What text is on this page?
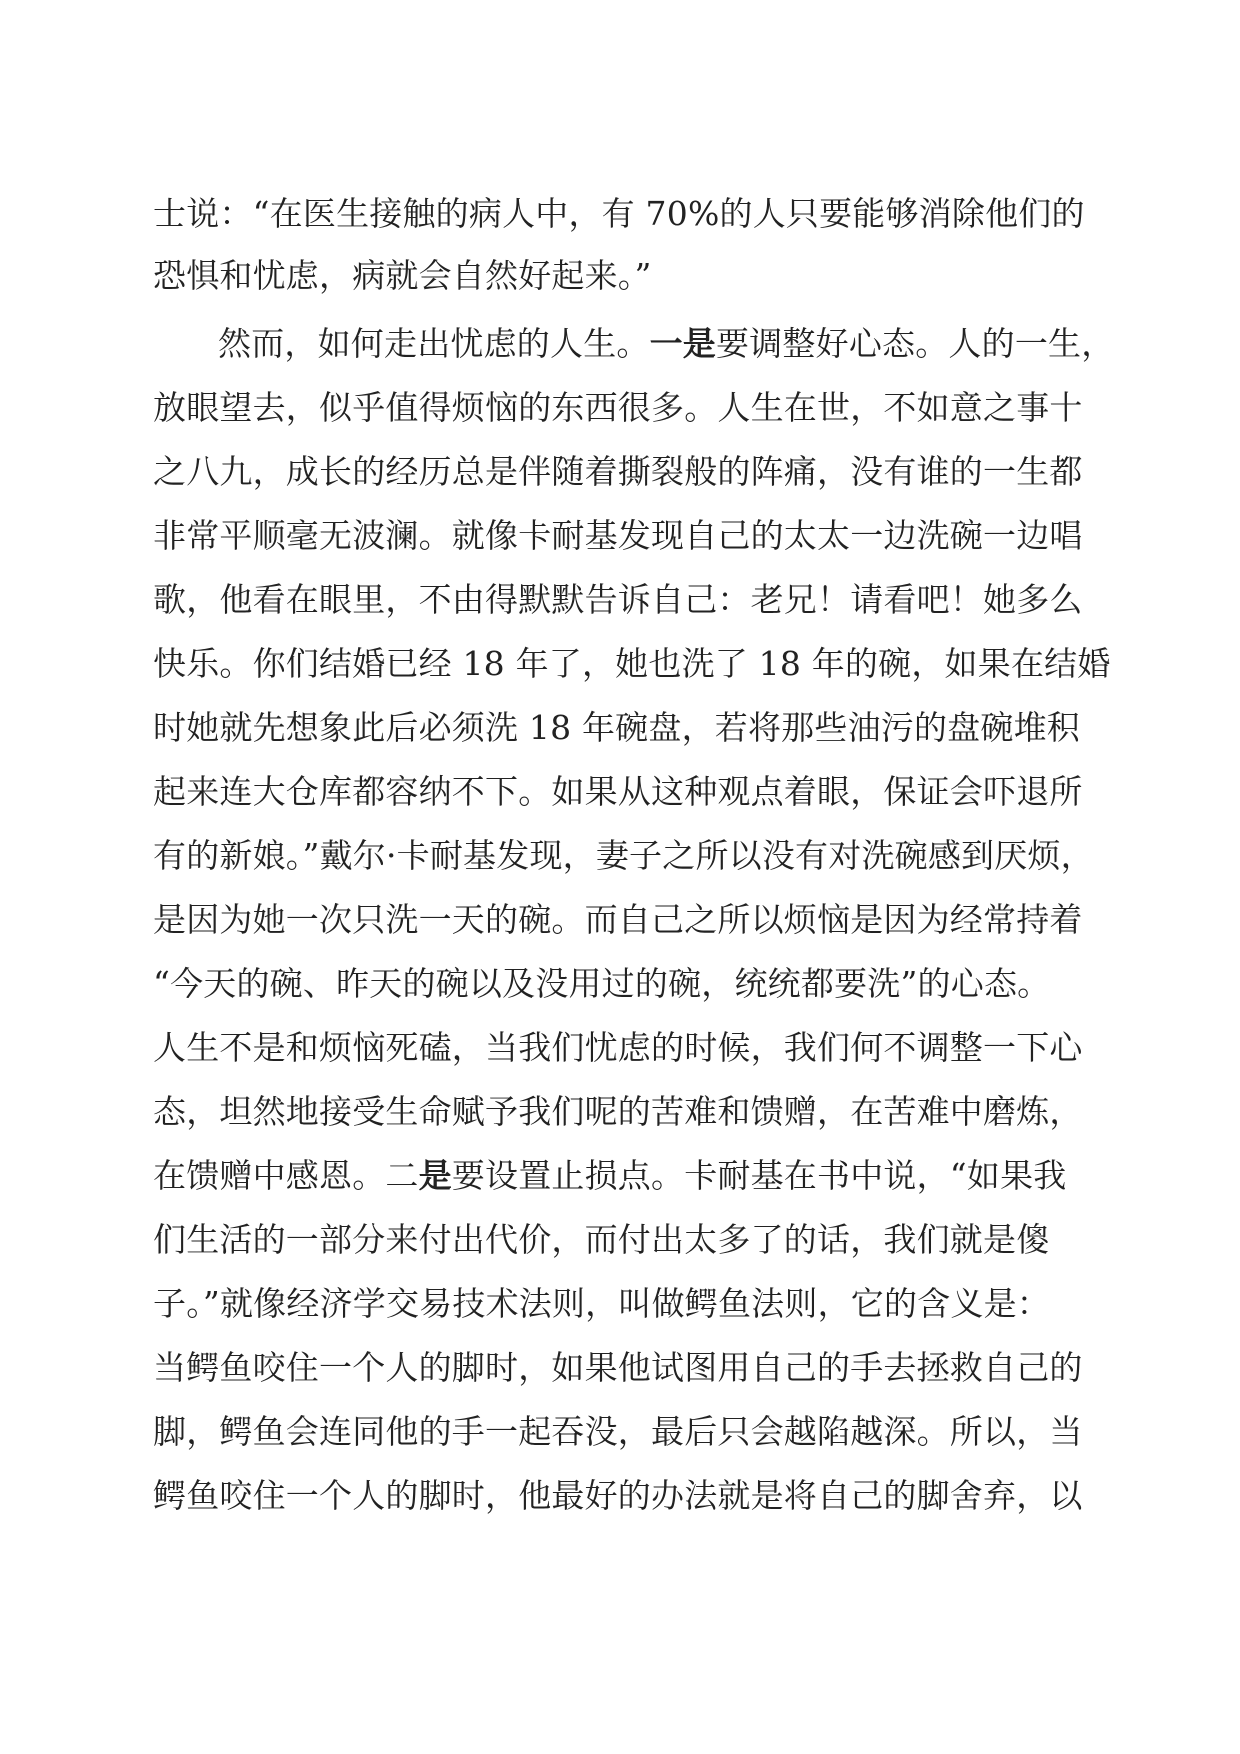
士说：“在医生接触的病人中，有 70%的人只要能够消除他们的
恐惧和忧虑，病就会自然好起来。”
然而，如何走出忧虑的人生。一是要调整好心态。人的一生，
放眼望去，似乎值得烦恼的东西很多。人生在世，不如意之事十
之八九，成长的经历总是伴随着撕裂般的阵痛，没有谁的一生都
非常平顺毫无波澜。就像卡耐基发现自己的太太一边洗碗一边唱
歌，他看在眼里，不由得默默告诉自己：老兄！请看吧！她多么
快乐。你们结婚已经 18 年了，她也洗了 18 年的碗，如果在结婚
时她就先想象此后必须洗 18 年碗盘，若将那些油污的盘碗堆积
起来连大仓库都容纳不下。如果从这种观点着眼，保证会吓退所
有的新娘。”戴尔·卡耐基发现，妻子之所以没有对洗碗感到厌烦，
是因为她一次只洗一天的碗。而自己之所以烦恼是因为经常持着
“今天的碗、昨天的碗以及没用过的碗，统统都要洗”的心态。
人生不是和烦恼死磕，当我们忧虑的时候，我们何不调整一下心
态，坦然地接受生命赋予我们呢的苦难和馈赠，在苦难中磨炼，
在馈赠中感恩。二是要设置止损点。卡耐基在书中说，“如果我
们生活的一部分来付出代价，而付出太多了的话，我们就是傻
子。”就像经济学交易技术法则，叫做鳄鱼法则，它的含义是：
当鳄鱼咬住一个人的脚时，如果他试图用自己的手去拯救自己的
脚，鳄鱼会连同他的手一起吞没，最后只会越陷越深。所以，当
鳄鱼咬住一个人的脚时，他最好的办法就是将自己的脚舍弃，以
